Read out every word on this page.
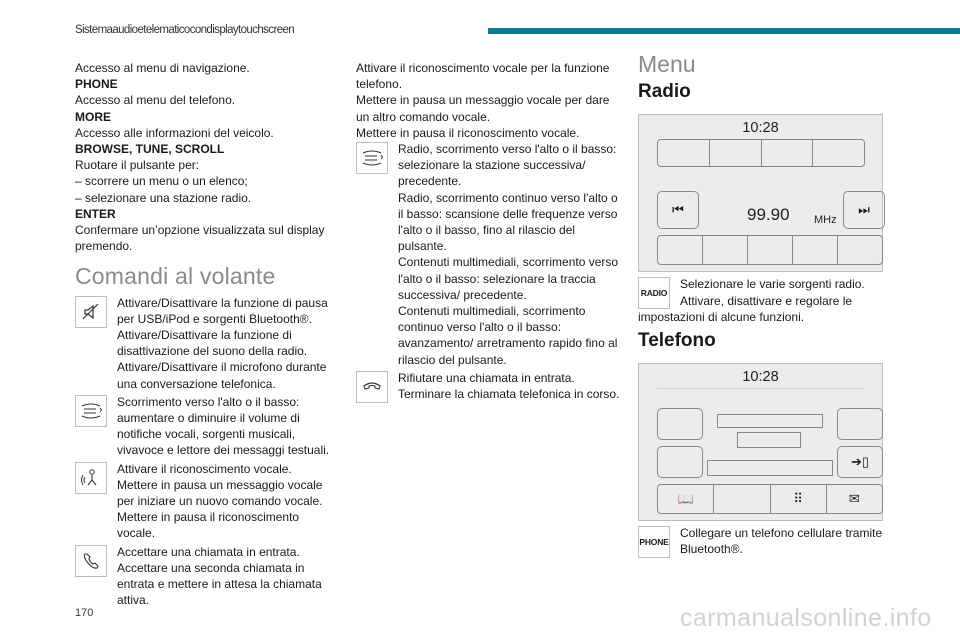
Sistemaaudioetelematicocondisplaytouchscreen

Accesso al menu di navigazione.

PHONE

Accesso al menu del telefono.

MORE

Accesso alle informazioni del veicolo.

BROWSE, TUNE, SCROLL

Ruotare il pulsante per:

– scorrere un menu o un elenco;

– selezionare una stazione radio.

ENTER

Confermare un’opzione visualizzata sul display premendo.

Comandi al volante

Attivare/Disattivare la funzione di pausa per USB/iPod e sorgenti Bluetooth®.

Attivare/Disattivare la funzione di disattivazione del suono della radio.

Attivare/Disattivare il microfono durante una conversazione telefonica.

Scorrimento verso l'alto o il basso: aumentare o diminuire il volume di notifiche vocali, sorgenti musicali, vivavoce e lettore dei messaggi testuali.

Attivare il riconoscimento vocale.

Mettere in pausa un messaggio vocale per iniziare un nuovo comando vocale.

Mettere in pausa il riconoscimento vocale.

Accettare una chiamata in entrata.

Accettare una seconda chiamata in entrata e mettere in attesa la chiamata attiva.

Attivare il riconoscimento vocale per la funzione telefono.

Mettere in pausa un messaggio vocale per dare un altro comando vocale.

Mettere in pausa il riconoscimento vocale.

Radio, scorrimento verso l'alto o il basso: selezionare la stazione successiva/ precedente.

Radio, scorrimento continuo verso l'alto o il basso: scansione delle frequenze verso l'alto o il basso, fino al rilascio del pulsante.

Contenuti multimediali, scorrimento verso l'alto o il basso: selezionare la traccia successiva/ precedente.

Contenuti multimediali, scorrimento continuo verso l'alto o il basso: avanzamento/ arretramento rapido fino al rilascio del pulsante.

Rifiutare una chiamata in entrata.

Terminare la chiamata telefonica in corso.

Menu
Radio
10:28
⏮	99.90 MHz
⏭
RADIO

Selezionare le varie sorgenti radio.

Attivare, disattivare e regolare le impostazioni di alcune funzioni.

Telefono
10:28
➔▯
📖	⠿	✉
PHONE

Collegare un telefono cellulare tramite Bluetooth®.

170	carmanualsonline.info
